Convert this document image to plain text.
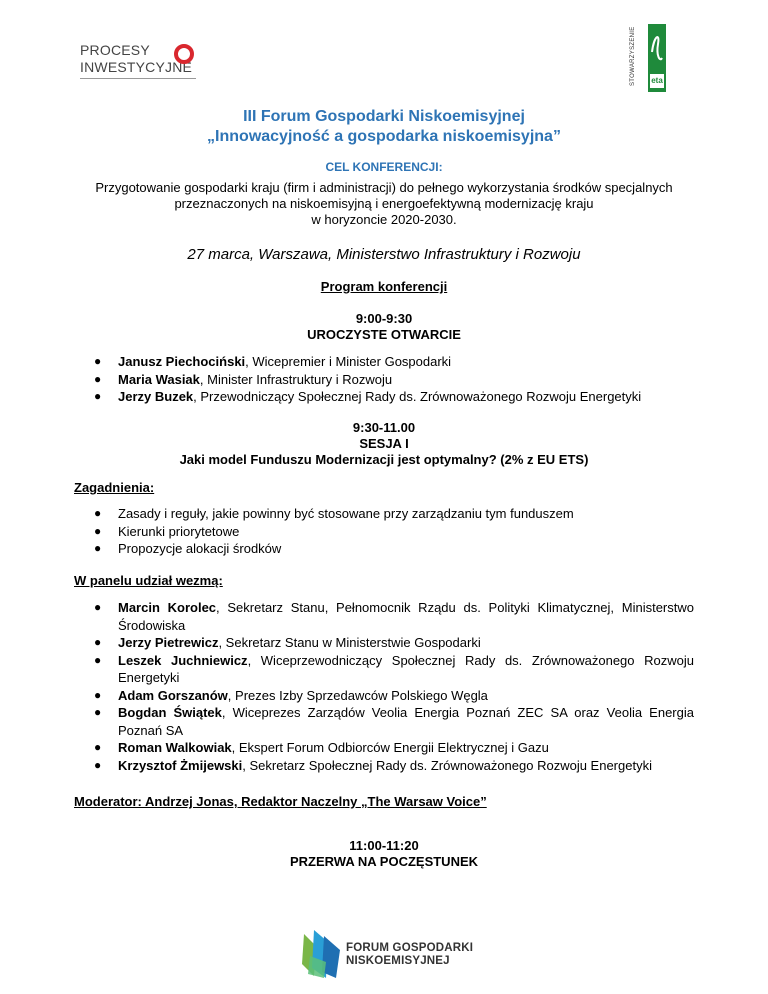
PROCESY
INWESTYCYJNE	STOWARZYSZENIE eta
III Forum Gospodarki Niskoemisyjnej
„Innowacyjność a gospodarka niskoemisyjna”
CEL KONFERENCJI:
Przygotowanie gospodarki kraju (firm i administracji) do pełnego wykorzystania środków specjalnych
przeznaczonych na niskoemisyjną i energoefektywną modernizację kraju
w horyzoncie 2020-2030.
27 marca, Warszawa, Ministerstwo Infrastruktury i Rozwoju
Program konferencji
9:00-9:30
UROCZYSTE OTWARCIE
● Janusz Piechociński, Wicepremier i Minister Gospodarki
● Maria Wasiak, Minister Infrastruktury i Rozwoju
● Jerzy Buzek, Przewodniczący Społecznej Rady ds. Zrównoważonego Rozwoju Energetyki
9:30-11.00
SESJA I
Jaki model Funduszu Modernizacji jest optymalny? (2% z EU ETS)
Zagadnienia:
● Zasady i reguły, jakie powinny być stosowane przy zarządzaniu tym funduszem
● Kierunki priorytetowe
● Propozycje alokacji środków
W panelu udział wezmą:
● Marcin Korolec, Sekretarz Stanu, Pełnomocnik Rządu ds. Polityki Klimatycznej, Ministerstwo Środowiska
● Jerzy Pietrewicz, Sekretarz Stanu w Ministerstwie Gospodarki
● Leszek Juchniewicz, Wiceprzewodniczący Społecznej Rady ds. Zrównoważonego Rozwoju Energetyki
● Adam Gorszanów, Prezes Izby Sprzedawców Polskiego Węgla
● Bogdan Świątek, Wiceprezes Zarządów Veolia Energia Poznań ZEC SA oraz Veolia Energia Poznań SA
● Roman Walkowiak, Ekspert Forum Odbiorców Energii Elektrycznej i Gazu
● Krzysztof Żmijewski, Sekretarz Społecznej Rady ds. Zrównoważonego Rozwoju Energetyki
Moderator: Andrzej Jonas, Redaktor Naczelny „The Warsaw Voice”
11:00-11:20
PRZERWA NA POCZĘSTUNEK
FORUM GOSPODARKI
NISKOEMISYJNEJ
